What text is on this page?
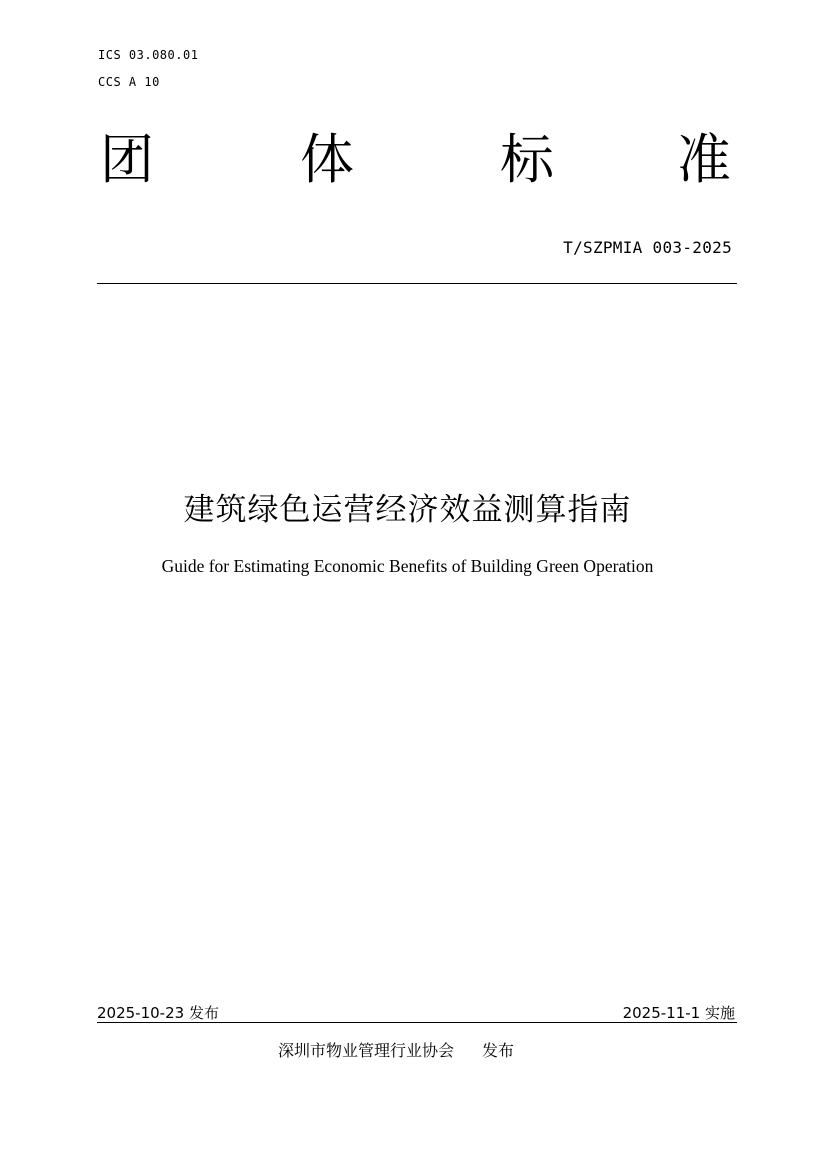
ICS 03.080.01
CCS A 10
团	体	标 准
T/SZPMIA 003-2025
建筑绿色运营经济效益测算指南
Guide for Estimating Economic Benefits of Building Green Operation
2025-10-23 发布	2025-11-1 实施
深圳市物业管理行业协会 发布
